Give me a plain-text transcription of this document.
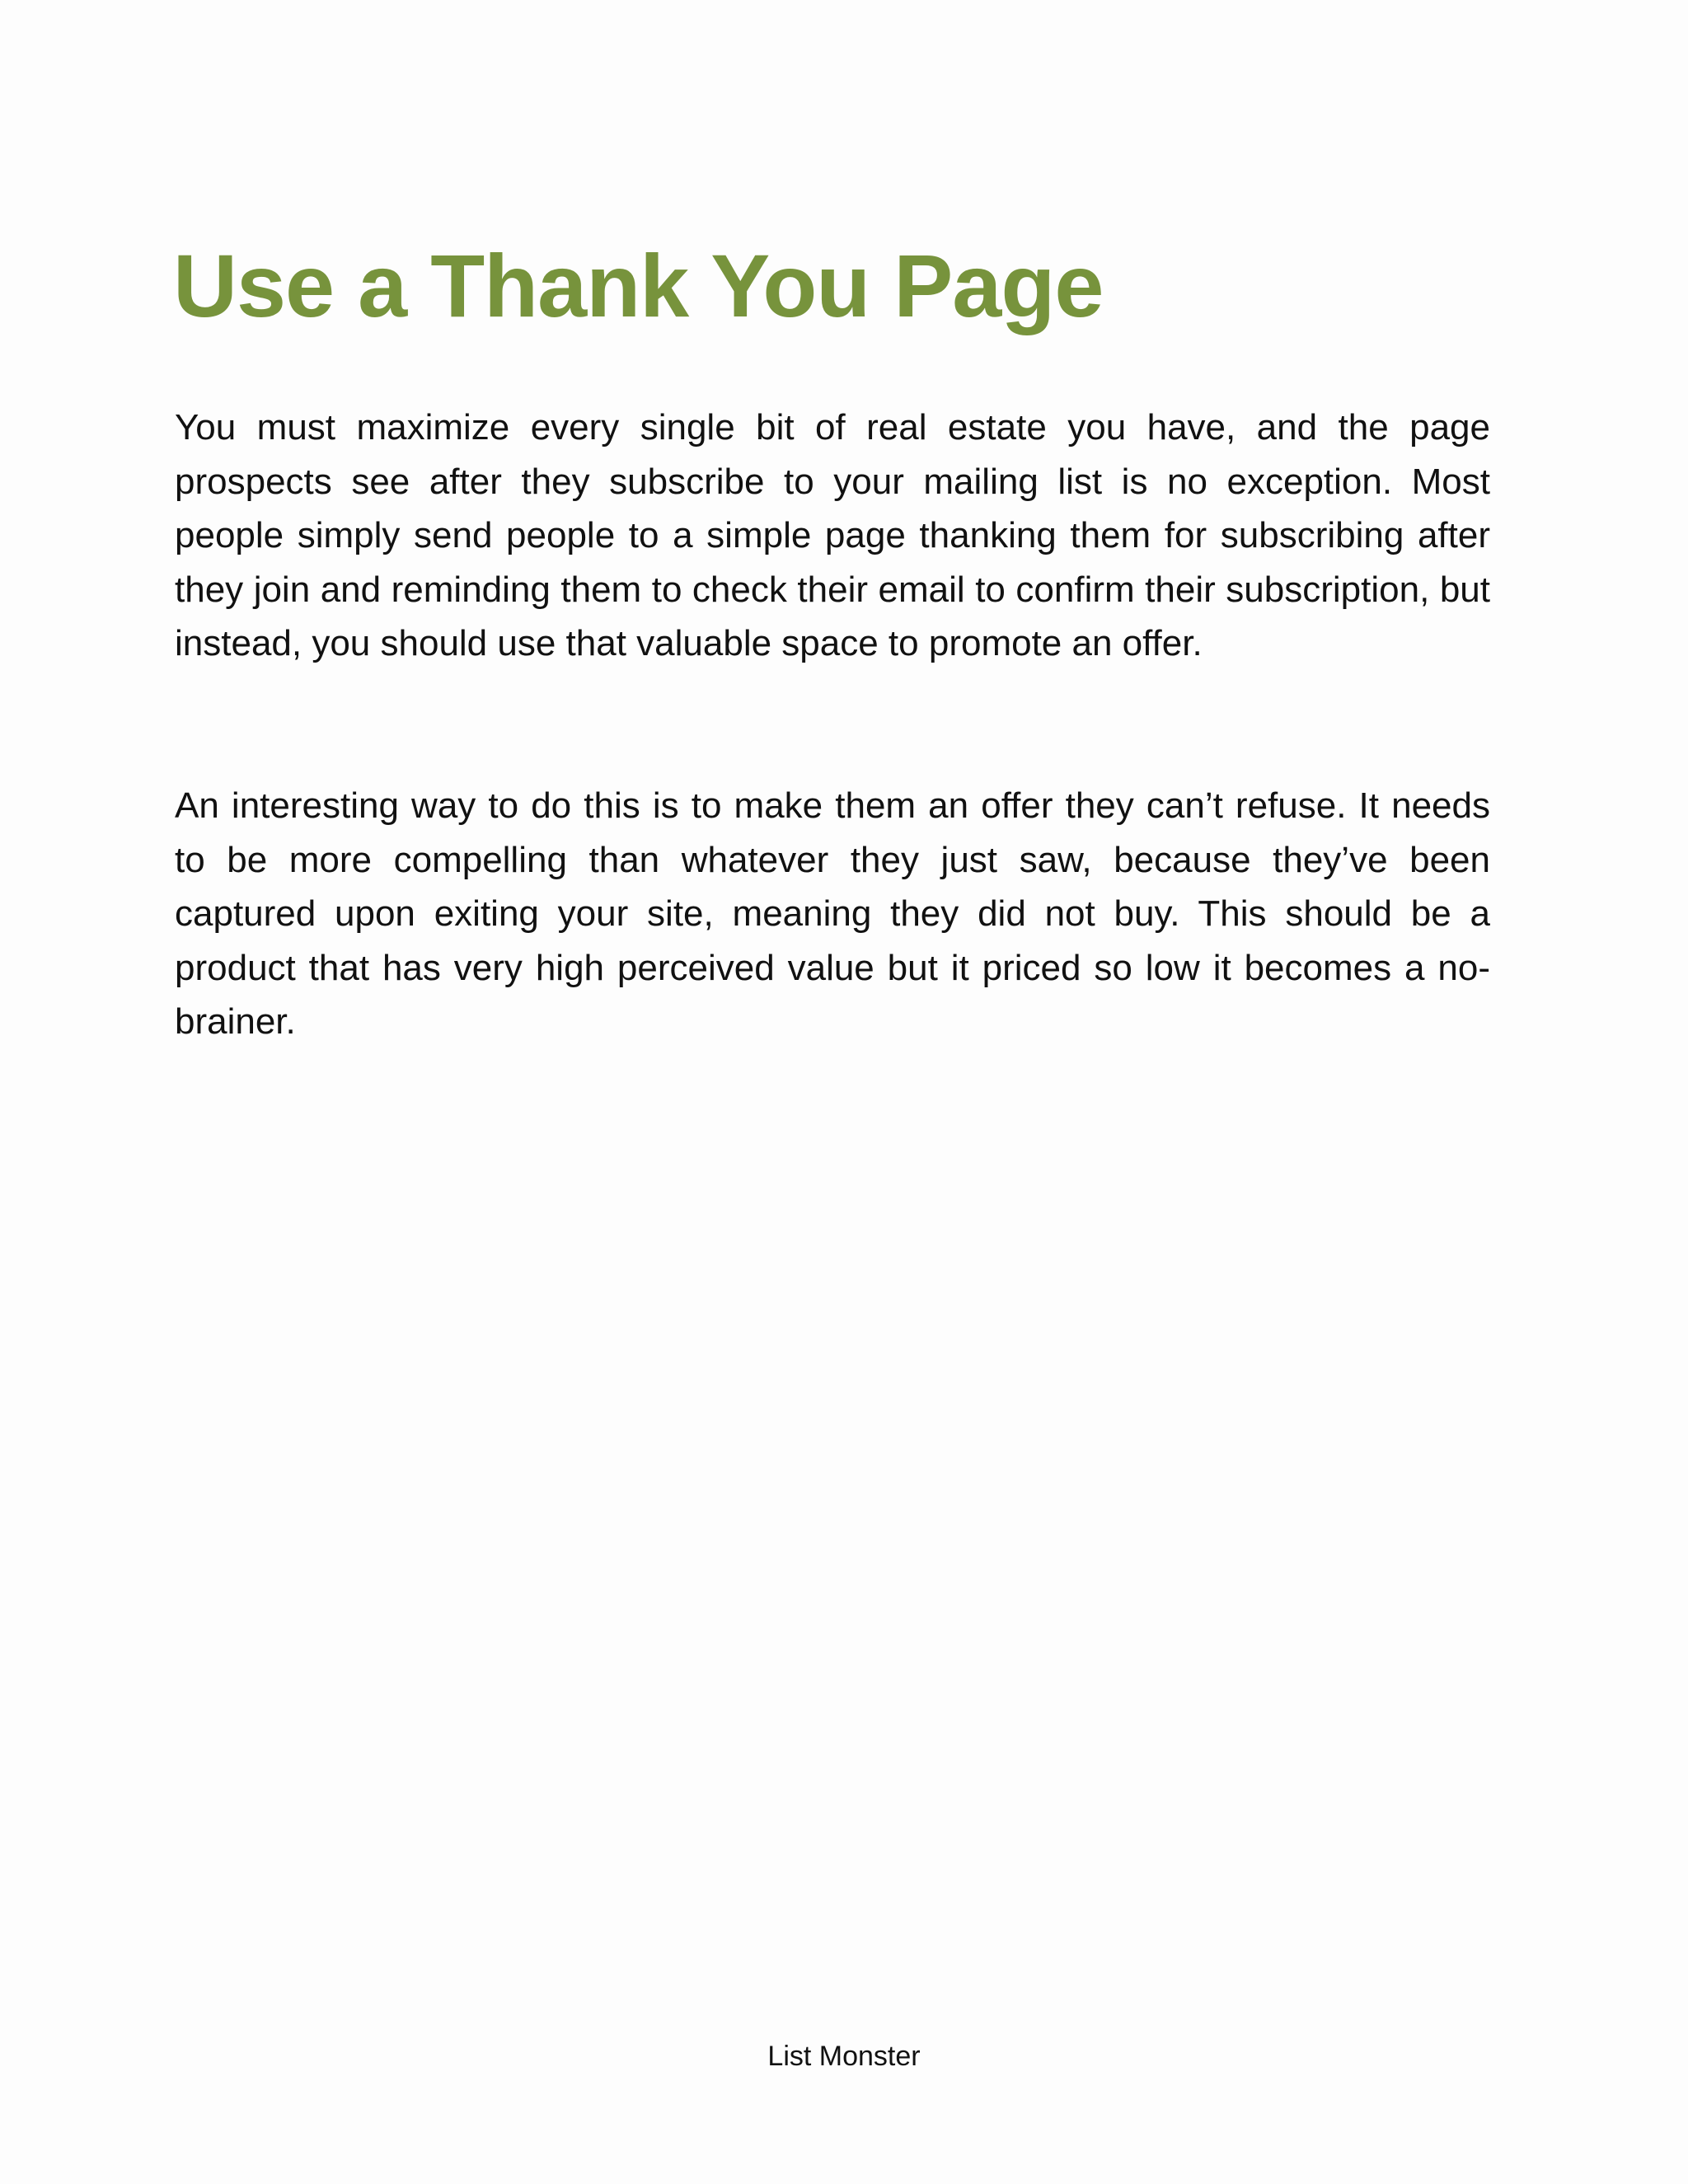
Use a Thank You Page

You must maximize every single bit of real estate you have, and the page prospects see after they subscribe to your mailing list is no exception. Most people simply send people to a simple page thanking them for subscribing after they join and reminding them to check their email to confirm their subscription, but instead, you should use that valuable space to promote an offer.

An interesting way to do this is to make them an offer they can’t refuse. It needs to be more compelling than whatever they just saw, because they’ve been captured upon exiting your site, meaning they did not buy. This should be a product that has very high perceived value but it priced so low it becomes a no-brainer.

List Monster
